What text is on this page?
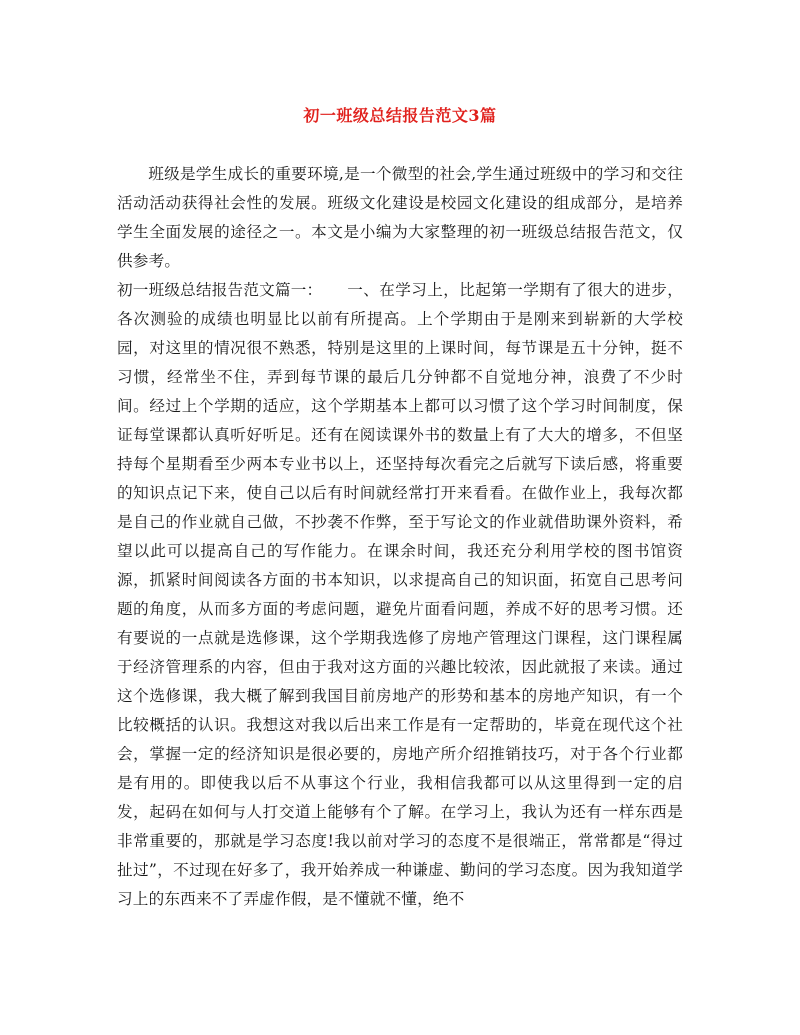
初一班级总结报告范文3篇

班级是学生成长的重要环境,是一个微型的社会,学生通过班级中的学习和交往活动活动获得社会性的发展。班级文化建设是校园文化建设的组成部分，是培养学生全面发展的途径之一。本文是小编为大家整理的初一班级总结报告范文，仅供参考。

初一班级总结报告范文篇一： 一、在学习上，比起第一学期有了很大的进步，各次测验的成绩也明显比以前有所提高。上个学期由于是刚来到崭新的大学校园，对这里的情况很不熟悉，特别是这里的上课时间，每节课是五十分钟，挺不习惯，经常坐不住，弄到每节课的最后几分钟都不自觉地分神，浪费了不少时间。经过上个学期的适应，这个学期基本上都可以习惯了这个学习时间制度，保证每堂课都认真听好听足。还有在阅读课外书的数量上有了大大的增多，不但坚持每个星期看至少两本专业书以上，还坚持每次看完之后就写下读后感，将重要的知识点记下来，使自己以后有时间就经常打开来看看。在做作业上，我每次都是自己的作业就自己做，不抄袭不作弊，至于写论文的作业就借助课外资料，希望以此可以提高自己的写作能力。在课余时间，我还充分利用学校的图书馆资源，抓紧时间阅读各方面的书本知识，以求提高自己的知识面，拓宽自己思考问题的角度，从而多方面的考虑问题，避免片面看问题，养成不好的思考习惯。还有要说的一点就是选修课，这个学期我选修了房地产管理这门课程，这门课程属于经济管理系的内容，但由于我对这方面的兴趣比较浓，因此就报了来读。通过这个选修课，我大概了解到我国目前房地产的形势和基本的房地产知识，有一个比较概括的认识。我想这对我以后出来工作是有一定帮助的，毕竟在现代这个社会，掌握一定的经济知识是很必要的，房地产所介绍推销技巧，对于各个行业都是有用的。即使我以后不从事这个行业，我相信我都可以从这里得到一定的启发，起码在如何与人打交道上能够有个了解。在学习上，我认为还有一样东西是非常重要的，那就是学习态度!我以前对学习的态度不是很端正，常常都是“得过扯过”，不过现在好多了，我开始养成一种谦虚、勤问的学习态度。因为我知道学习上的东西来不了弄虚作假，是不懂就不懂，绝不
